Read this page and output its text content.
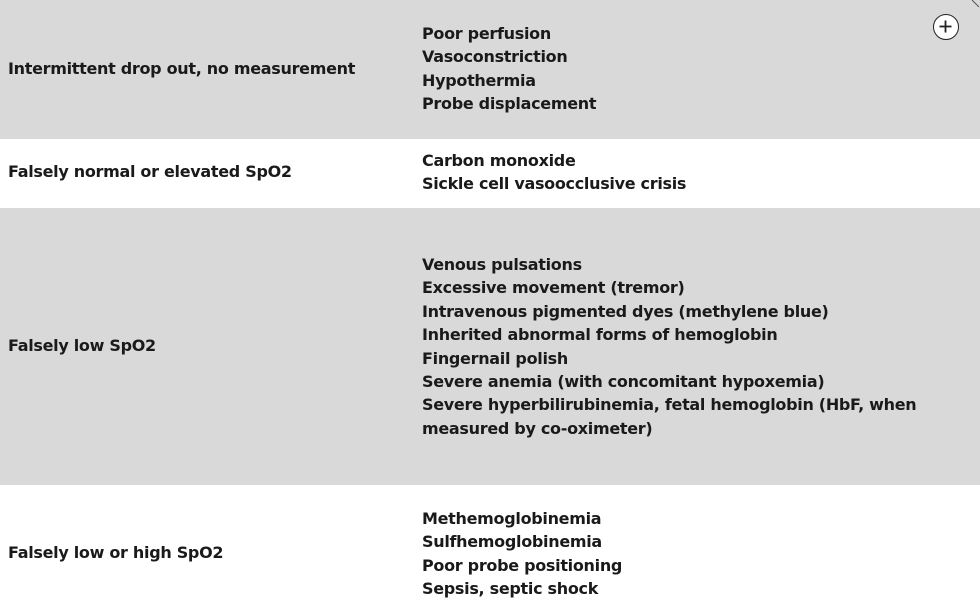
Intermittent drop out, no measurement
Poor perfusion
Vasoconstriction
Hypothermia
Probe displacement
Falsely normal or elevated SpO2
Carbon monoxide
Sickle cell vasoocclusive crisis
Falsely low SpO2
Venous pulsations
Excessive movement (tremor)
Intravenous pigmented dyes (methylene blue)
Inherited abnormal forms of hemoglobin
Fingernail polish
Severe anemia (with concomitant hypoxemia)
Severe hyperbilirubinemia, fetal hemoglobin (HbF, when measured by co-oximeter)
Falsely low or high SpO2
Methemoglobinemia
Sulfhemoglobinemia
Poor probe positioning
Sepsis, septic shock
